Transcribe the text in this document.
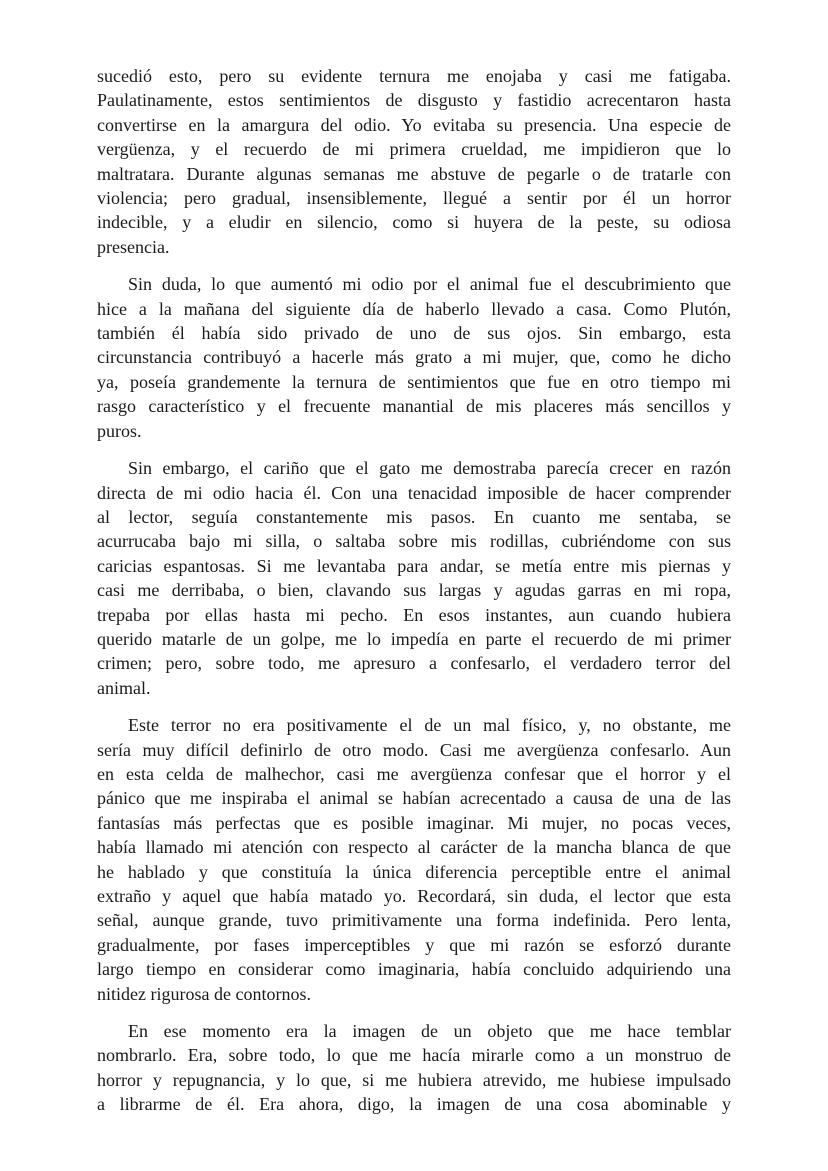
sucedió esto, pero su evidente ternura me enojaba y casi me fatigaba.
Paulatinamente, estos sentimientos de disgusto y fastidio acrecentaron hasta
convertirse en la amargura del odio. Yo evitaba su presencia. Una especie de
vergüenza, y el recuerdo de mi primera crueldad, me impidieron que lo
maltratara. Durante algunas semanas me abstuve de pegarle o de tratarle con
violencia; pero gradual, insensiblemente, llegué a sentir por él un horror
indecible, y a eludir en silencio, como si huyera de la peste, su odiosa
presencia.
Sin duda, lo que aumentó mi odio por el animal fue el descubrimiento que
hice a la mañana del siguiente día de haberlo llevado a casa. Como Plutón,
también él había sido privado de uno de sus ojos. Sin embargo, esta
circunstancia contribuyó a hacerle más grato a mi mujer, que, como he dicho
ya, poseía grandemente la ternura de sentimientos que fue en otro tiempo mi
rasgo característico y el frecuente manantial de mis placeres más sencillos y
puros.
Sin embargo, el cariño que el gato me demostraba parecía crecer en razón
directa de mi odio hacia él. Con una tenacidad imposible de hacer comprender
al lector, seguía constantemente mis pasos. En cuanto me sentaba, se
acurrucaba bajo mi silla, o saltaba sobre mis rodillas, cubriéndome con sus
caricias espantosas. Si me levantaba para andar, se metía entre mis piernas y
casi me derribaba, o bien, clavando sus largas y agudas garras en mi ropa,
trepaba por ellas hasta mi pecho. En esos instantes, aun cuando hubiera
querido matarle de un golpe, me lo impedía en parte el recuerdo de mi primer
crimen; pero, sobre todo, me apresuro a confesarlo, el verdadero terror del
animal.
Este terror no era positivamente el de un mal físico, y, no obstante, me
sería muy difícil definirlo de otro modo. Casi me avergüenza confesarlo. Aun
en esta celda de malhechor, casi me avergüenza confesar que el horror y el
pánico que me inspiraba el animal se habían acrecentado a causa de una de las
fantasías más perfectas que es posible imaginar. Mi mujer, no pocas veces,
había llamado mi atención con respecto al carácter de la mancha blanca de que
he hablado y que constituía la única diferencia perceptible entre el animal
extraño y aquel que había matado yo. Recordará, sin duda, el lector que esta
señal, aunque grande, tuvo primitivamente una forma indefinida. Pero lenta,
gradualmente, por fases imperceptibles y que mi razón se esforzó durante
largo tiempo en considerar como imaginaria, había concluido adquiriendo una
nitidez rigurosa de contornos.
En ese momento era la imagen de un objeto que me hace temblar
nombrarlo. Era, sobre todo, lo que me hacía mirarle como a un monstruo de
horror y repugnancia, y lo que, si me hubiera atrevido, me hubiese impulsado
a librarme de él. Era ahora, digo, la imagen de una cosa abominable y
